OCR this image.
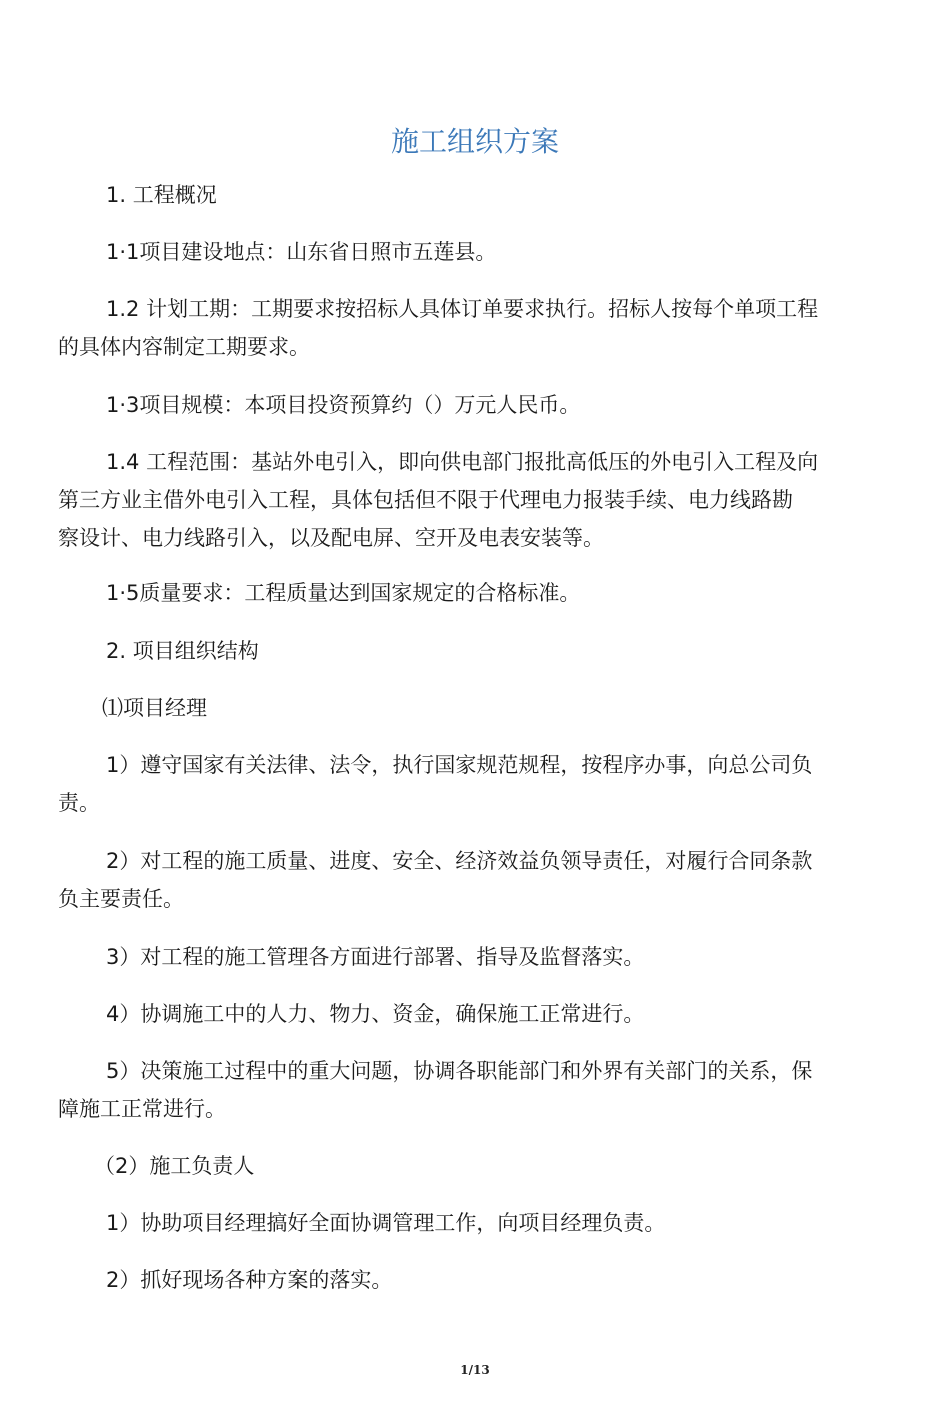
施工组织方案
1. 工程概况
1·1项目建设地点：山东省日照市五莲县。
1.2 计划工期：工期要求按招标人具体订单要求执行。招标人按每个单项工程
的具体内容制定工期要求。
1·3项目规模：本项目投资预算约（）万元人民币。
1.4 工程范围：基站外电引入，即向供电部门报批高低压的外电引入工程及向
第三方业主借外电引入工程，具体包括但不限于代理电力报装手续、电力线路勘
察设计、电力线路引入，以及配电屏、空开及电表安装等。
1·5质量要求：工程质量达到国家规定的合格标准。
2. 项目组织结构
⑴项目经理
1）遵守国家有关法律、法令，执行国家规范规程，按程序办事，向总公司负
责。
2）对工程的施工质量、进度、安全、经济效益负领导责任，对履行合同条款
负主要责任。
3）对工程的施工管理各方面进行部署、指导及监督落实。
4）协调施工中的人力、物力、资金，确保施工正常进行。
5）决策施工过程中的重大问题，协调各职能部门和外界有关部门的关系，保
障施工正常进行。
（2）施工负责人
1）协助项目经理搞好全面协调管理工作，向项目经理负责。
2）抓好现场各种方案的落实。
1/13
